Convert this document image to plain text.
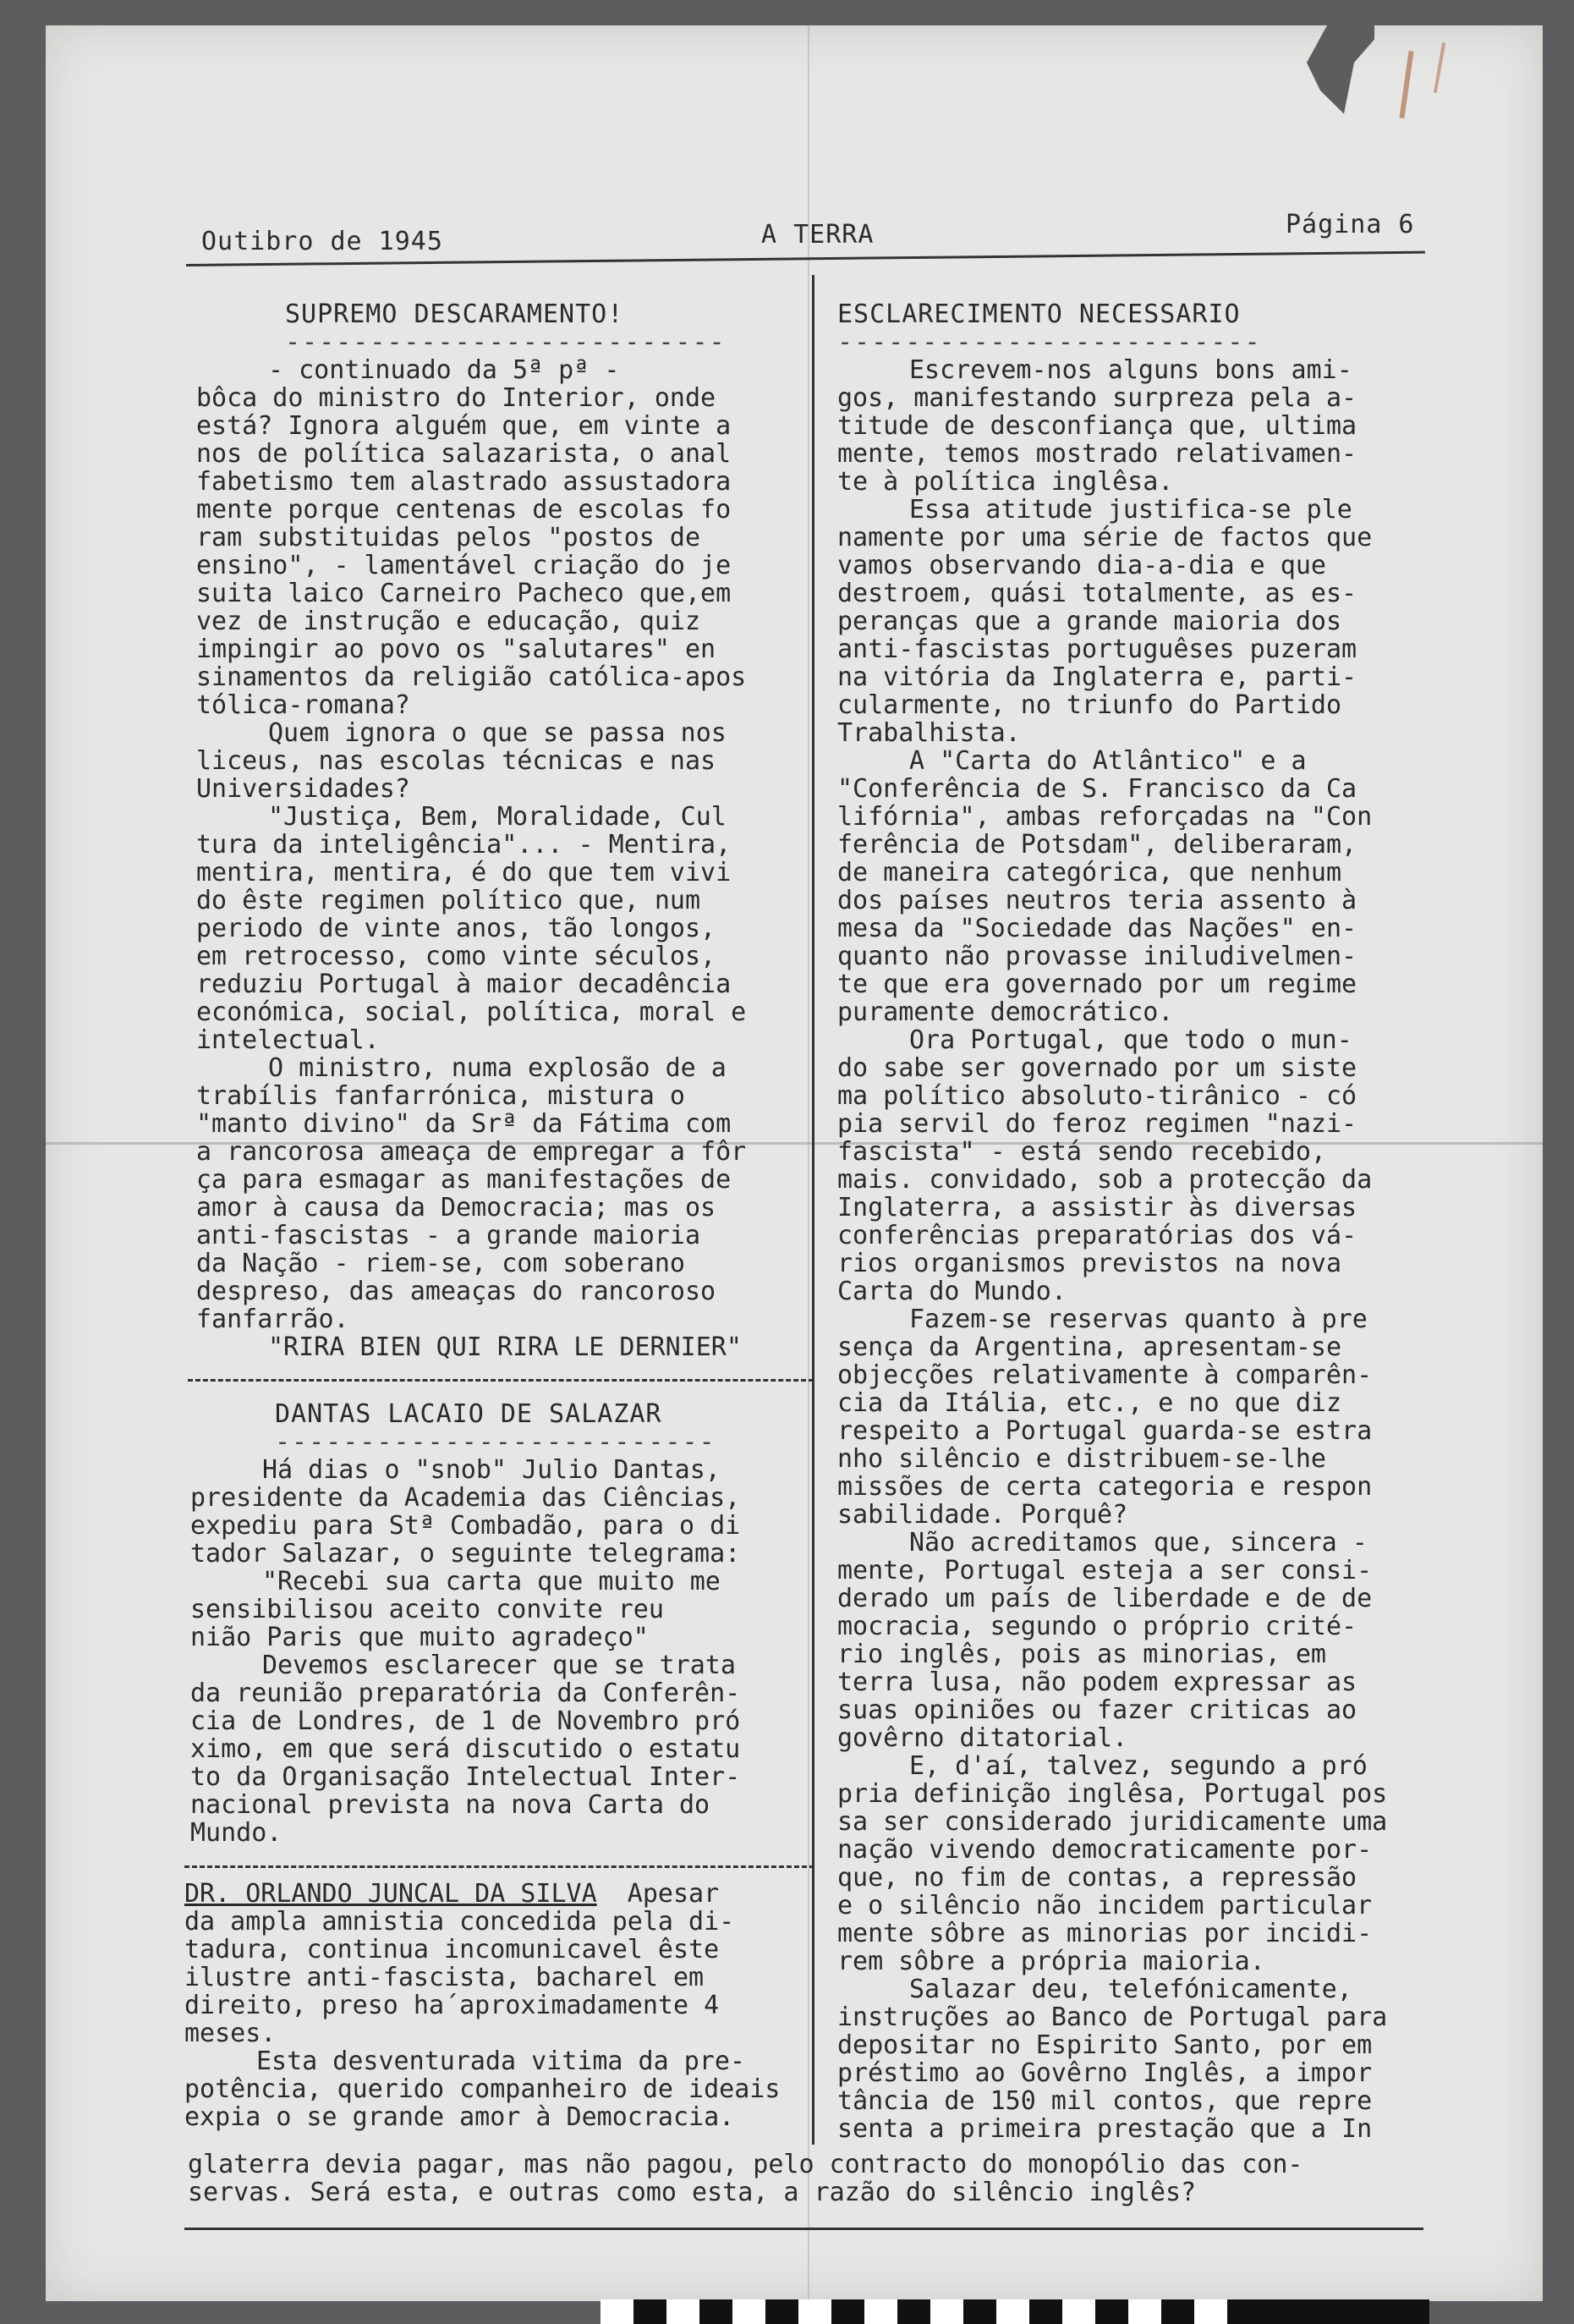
Outibro de 1945	A TERRA	Página 6

SUPREMO DESCARAMENTO!

--------------------------

- continuado da 5ª pª -

bôca do ministro do Interior, onde

está? Ignora alguém que, em vinte a

nos de política salazarista, o anal

fabetismo tem alastrado assustadora

mente porque centenas de escolas fo

ram substituidas pelos "postos de

ensino", - lamentável criação do je

suita laico Carneiro Pacheco que,em

vez de instrução e educação, quiz

impingir ao povo os "salutares" en

sinamentos da religião católica-apos

tólica-romana?

Quem ignora o que se passa nos

liceus, nas escolas técnicas e nas

Universidades?

"Justiça, Bem, Moralidade, Cul

tura da inteligência"... - Mentira,

mentira, mentira, é do que tem vivi

do êste regimen político que, num

periodo de vinte anos, tão longos,

em retrocesso, como vinte séculos,

reduziu Portugal à maior decadência

económica, social, política, moral e

intelectual.

O ministro, numa explosão de a

trabílis fanfarrónica, mistura o

"manto divino" da Srª da Fátima com

a rancorosa ameaça de empregar a fôr

ça para esmagar as manifestações de

amor à causa da Democracia; mas os

anti-fascistas - a grande maioria

da Nação - riem-se, com soberano

despreso, das ameaças do rancoroso

fanfarrão.

"RIRA BIEN QUI RIRA LE DERNIER"

DANTAS LACAIO DE SALAZAR

--------------------------

Há dias o "snob" Julio Dantas,

presidente da Academia das Ciências,

expediu para Stª Combadão, para o di

tador Salazar, o seguinte telegrama:

"Recebi sua carta que muito me

sensibilisou aceito convite reu

nião Paris que muito agradeço"

Devemos esclarecer que se trata

da reunião preparatória da Conferên-

cia de Londres, de 1 de Novembro pró

ximo, em que será discutido o estatu

to da Organisação Intelectual Inter-

nacional prevista na nova Carta do

Mundo.

DR. ORLANDO JUNCAL DA SILVA Apesar

da ampla amnistia concedida pela di-

tadura, continua incomunicavel êste

ilustre anti-fascista, bacharel em

direito, preso ha´aproximadamente 4

meses.

Esta desventurada vitima da pre-

potência, querido companheiro de ideais

expia o se grande amor à Democracia.

ESCLARECIMENTO NECESSARIO

-------------------------

Escrevem-nos alguns bons ami-

gos, manifestando surpreza pela a-

titude de desconfiança que, ultima

mente, temos mostrado relativamen-

te à política inglêsa.

Essa atitude justifica-se ple

namente por uma série de factos que

vamos observando dia-a-dia e que

destroem, quási totalmente, as es-

peranças que a grande maioria dos

anti-fascistas portuguêses puzeram

na vitória da Inglaterra e, parti-

cularmente, no triunfo do Partido

Trabalhista.

A "Carta do Atlântico" e a

"Conferência de S. Francisco da Ca

lifórnia", ambas reforçadas na "Con

ferência de Potsdam", deliberaram,

de maneira categórica, que nenhum

dos países neutros teria assento à

mesa da "Sociedade das Nações" en-

quanto não provasse iniludivelmen-

te que era governado por um regime

puramente democrático.

Ora Portugal, que todo o mun-

do sabe ser governado por um siste

ma político absoluto-tirânico - có

pia servil do feroz regimen "nazi-

fascista" - está sendo recebido,

mais. convidado, sob a protecção da

Inglaterra, a assistir às diversas

conferências preparatórias dos vá-

rios organismos previstos na nova

Carta do Mundo.

Fazem-se reservas quanto à pre

sença da Argentina, apresentam-se

objecções relativamente à comparên-

cia da Itália, etc., e no que diz

respeito a Portugal guarda-se estra

nho silêncio e distribuem-se-lhe

missões de certa categoria e respon

sabilidade. Porquê?

Não acreditamos que, sincera -

mente, Portugal esteja a ser consi-

derado um país de liberdade e de de

mocracia, segundo o próprio crité-

rio inglês, pois as minorias, em

terra lusa, não podem expressar as

suas opiniões ou fazer criticas ao

govêrno ditatorial.

E, d'aí, talvez, segundo a pró

pria definição inglêsa, Portugal pos

sa ser considerado juridicamente uma

nação vivendo democraticamente por-

que, no fim de contas, a repressão

e o silêncio não incidem particular

mente sôbre as minorias por incidi-

rem sôbre a própria maioria.

Salazar deu, telefónicamente,

instruções ao Banco de Portugal para

depositar no Espirito Santo, por em

préstimo ao Govêrno Inglês, a impor

tância de 150 mil contos, que repre

senta a primeira prestação que a In

glaterra devia pagar, mas não pagou, pelo contracto do monopólio das con-

servas. Será esta, e outras como esta, a razão do silêncio inglês?
